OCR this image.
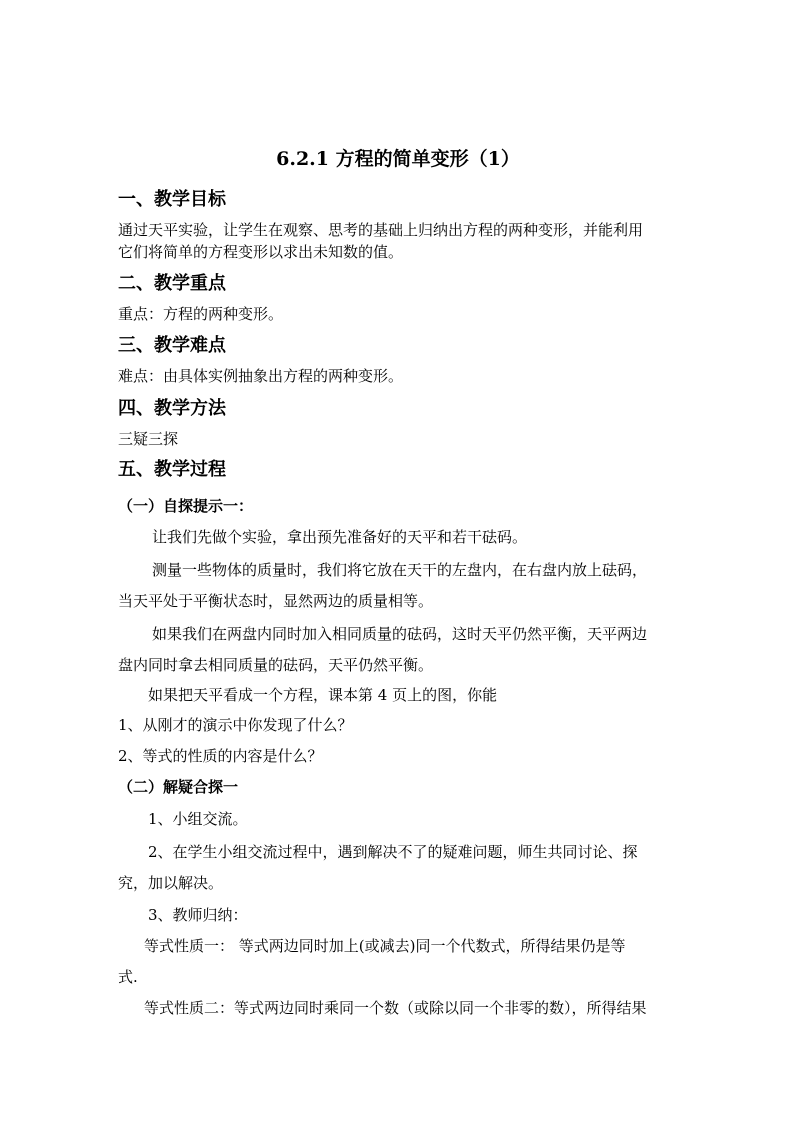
6.2.1 方程的简单变形（1）
一、教学目标
通过天平实验，让学生在观察、思考的基础上归纳出方程的两种变形，并能利用
它们将简单的方程变形以求出未知数的值。
二、教学重点
重点：方程的两种变形。
三、教学难点
难点：由具体实例抽象出方程的两种变形。
四、教学方法
三疑三探
五、教学过程
（一）自探提示一：
让我们先做个实验，拿出预先准备好的天平和若干砝码。
测量一些物体的质量时，我们将它放在天干的左盘内，在右盘内放上砝码，
当天平处于平衡状态时，显然两边的质量相等。
如果我们在两盘内同时加入相同质量的砝码，这时天平仍然平衡，天平两边
盘内同时拿去相同质量的砝码，天平仍然平衡。
如果把天平看成一个方程，课本第 4 页上的图，你能
1、从刚才的演示中你发现了什么？
2、等式的性质的内容是什么？
（二）解疑合探一
1、小组交流。
2、在学生小组交流过程中，遇到解决不了的疑难问题，师生共同讨论、探
究，加以解决。
3、教师归纳：
等式性质一： 等式两边同时加上(或减去)同一个代数式，所得结果仍是等
式.
等式性质二：等式两边同时乘同一个数（或除以同一个非零的数），所得结果
